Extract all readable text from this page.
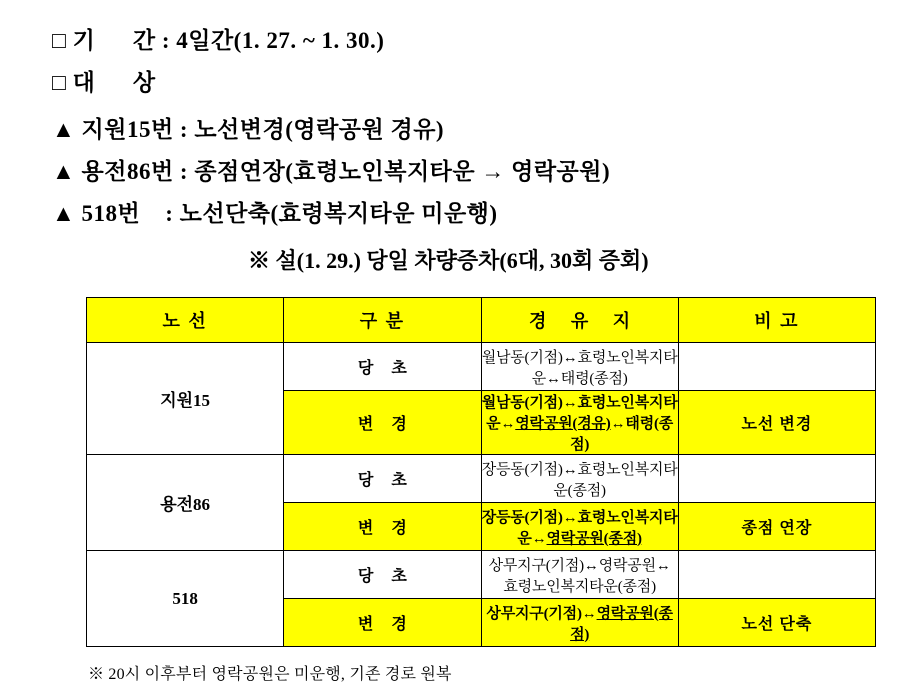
□ 기      간 : 4일간(1. 27. ~ 1. 30.)
□ 대      상
▲ 지원15번 : 노선변경(영락공원 경유)
▲ 용전86번 : 종점연장(효령노인복지타운 → 영락공원)
▲ 518번    : 노선단축(효령복지타운 미운행)
※ 설(1. 29.) 당일 차량증차(6대, 30회 증회)
노 선	구 분	경 유 지	비 고
지원15	당 초	월남동(기점)↔효령노인복지타운↔태령(종점)	
	변 경	월남동(기점)↔효령노인복지타운↔영락공원(경유)↔태령(종점)	노선 변경
용전86	당 초	장등동(기점)↔효령노인복지타운(종점)	
	변 경	장등동(기점)↔효령노인복지타운↔영락공원(종점)	종점 연장
518	당 초	상무지구(기점)↔영락공원↔효령노인복지타운(종점)	
	변 경	상무지구(기점)↔영락공원(종점)	노선 단축
※ 20시 이후부터 영락공원은 미운행, 기존 경로 원복
